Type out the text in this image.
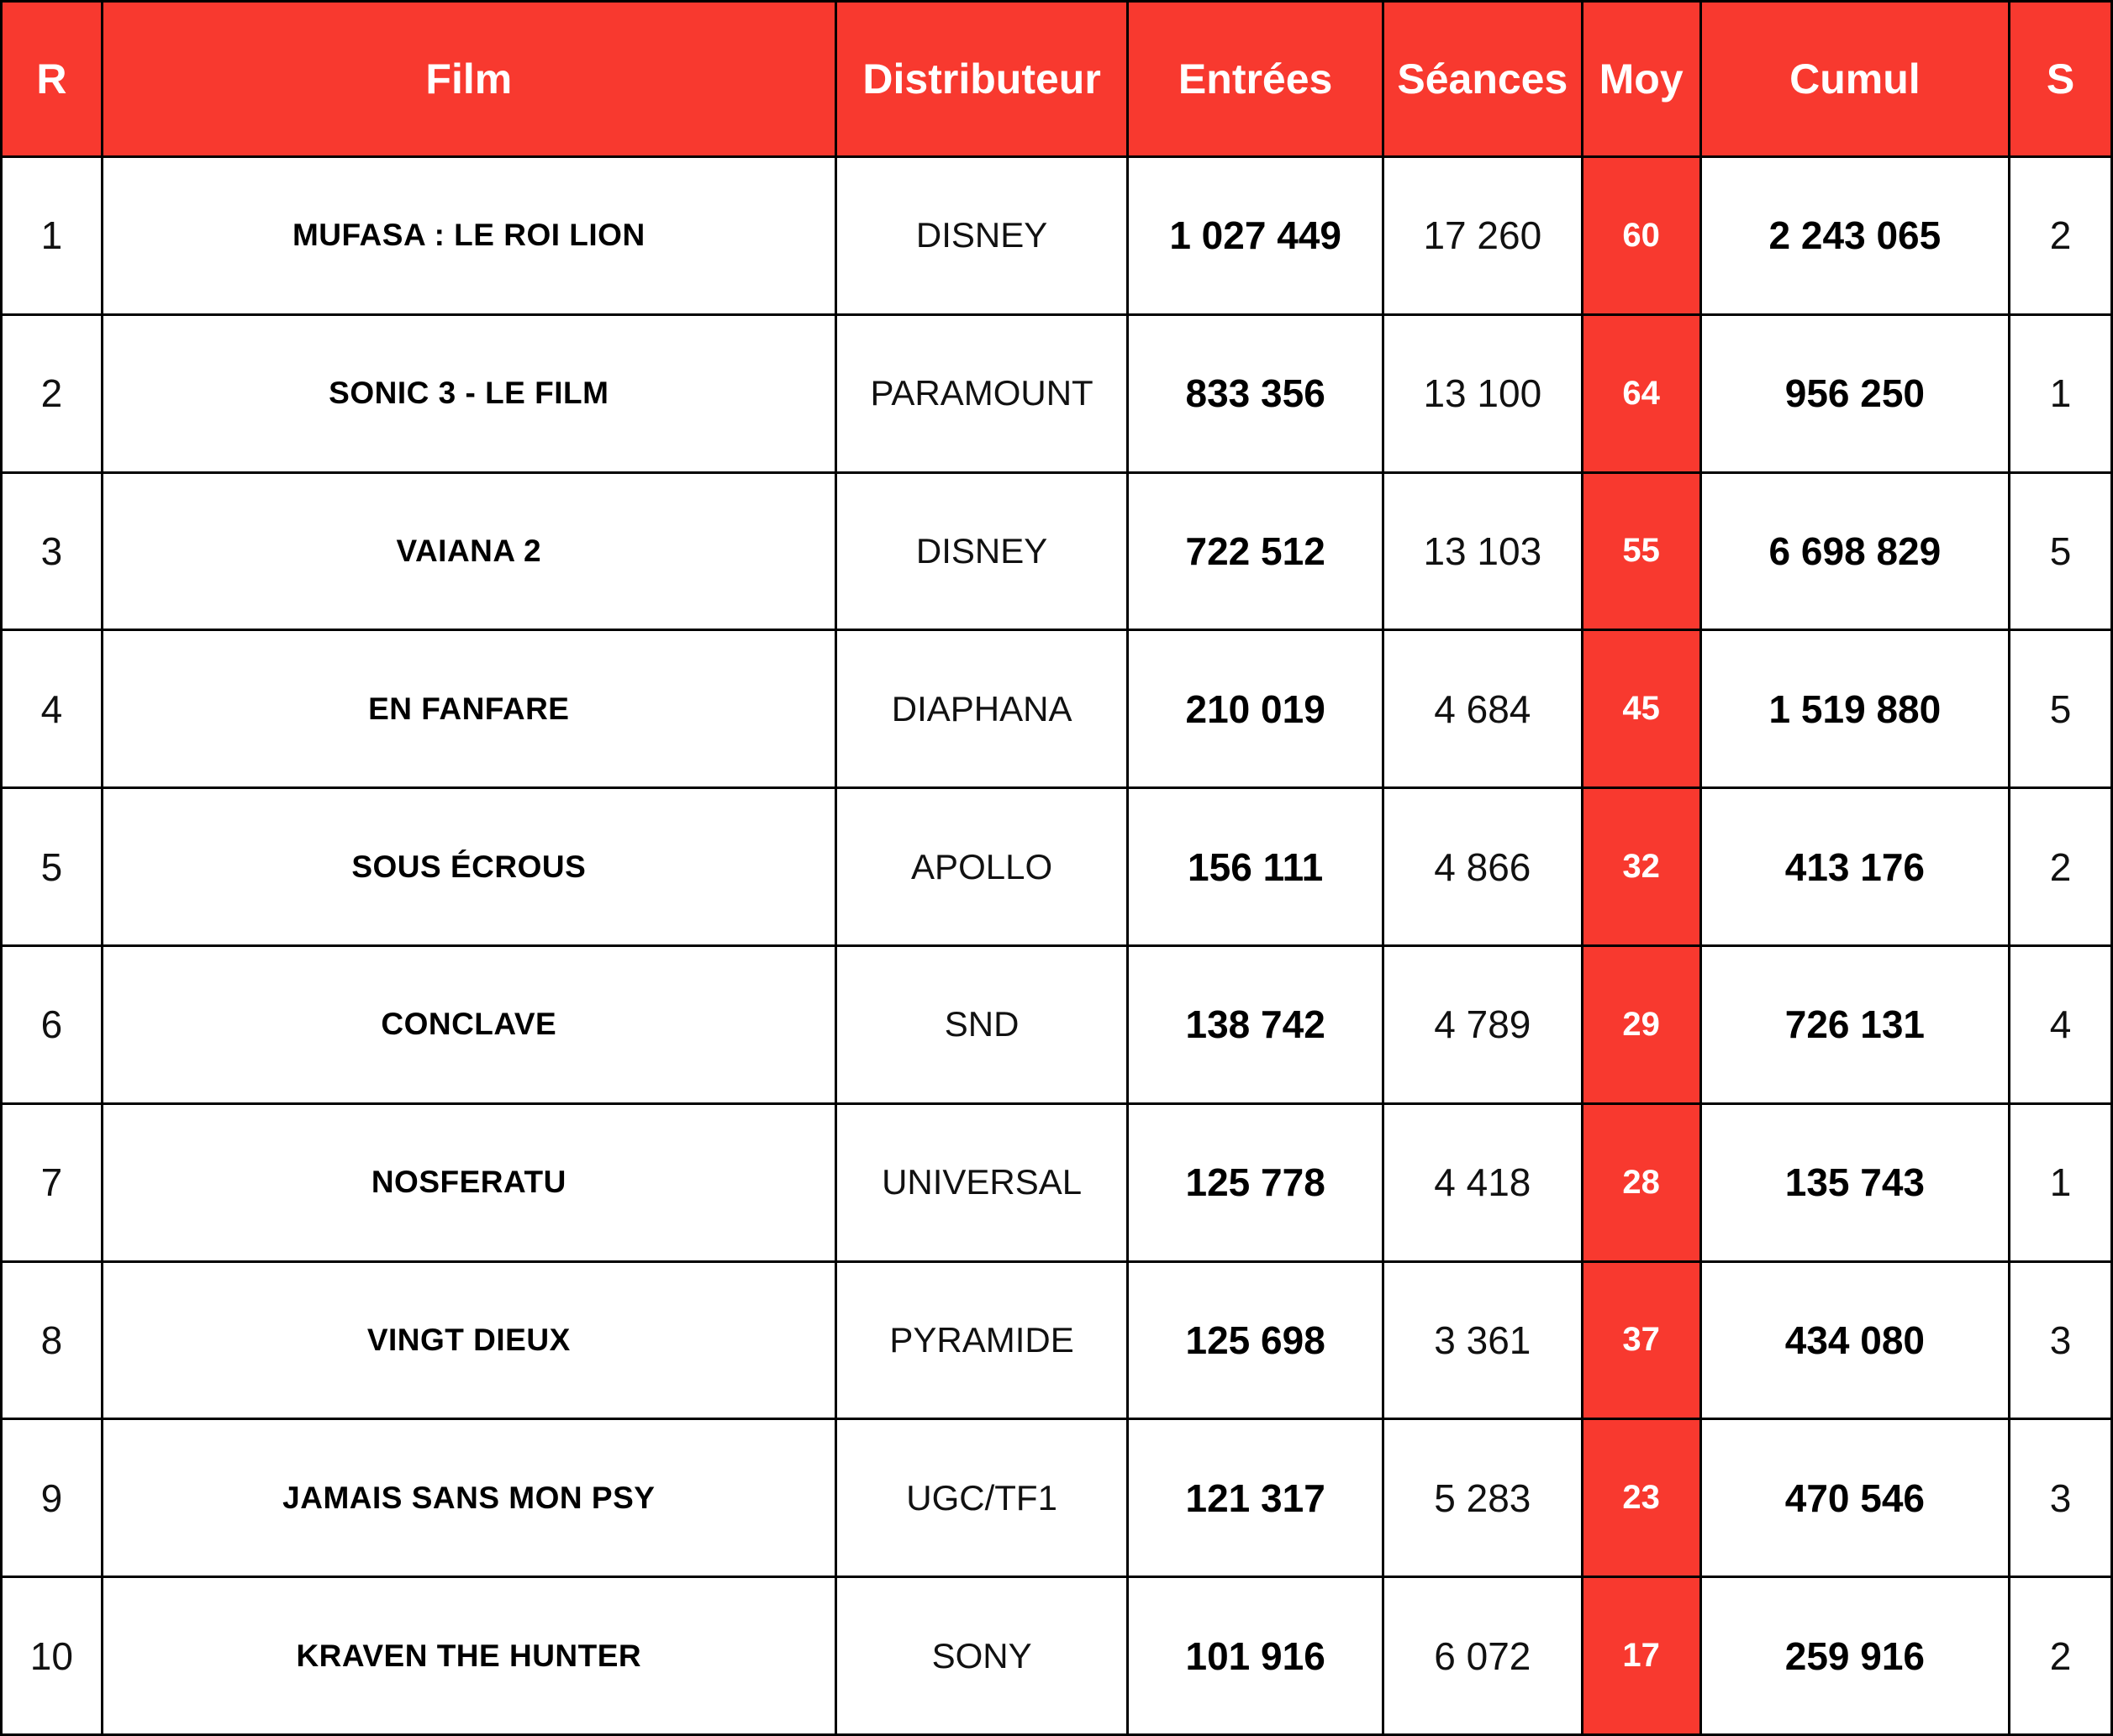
R	Film	Distributeur	Entrées	Séances	Moy	Cumul	S
1	MUFASA : LE ROI LION	DISNEY	1 027 449	17 260	60	2 243 065	2
2	SONIC 3 - LE FILM	PARAMOUNT	833 356	13 100	64	956 250	1
3	VAIANA 2	DISNEY	722 512	13 103	55	6 698 829	5
4	EN FANFARE	DIAPHANA	210 019	4 684	45	1 519 880	5
5	SOUS ÉCROUS	APOLLO	156 111	4 866	32	413 176	2
6	CONCLAVE	SND	138 742	4 789	29	726 131	4
7	NOSFERATU	UNIVERSAL	125 778	4 418	28	135 743	1
8	VINGT DIEUX	PYRAMIDE	125 698	3 361	37	434 080	3
9	JAMAIS SANS MON PSY	UGC/TF1	121 317	5 283	23	470 546	3
10	KRAVEN THE HUNTER	SONY	101 916	6 072	17	259 916	2
